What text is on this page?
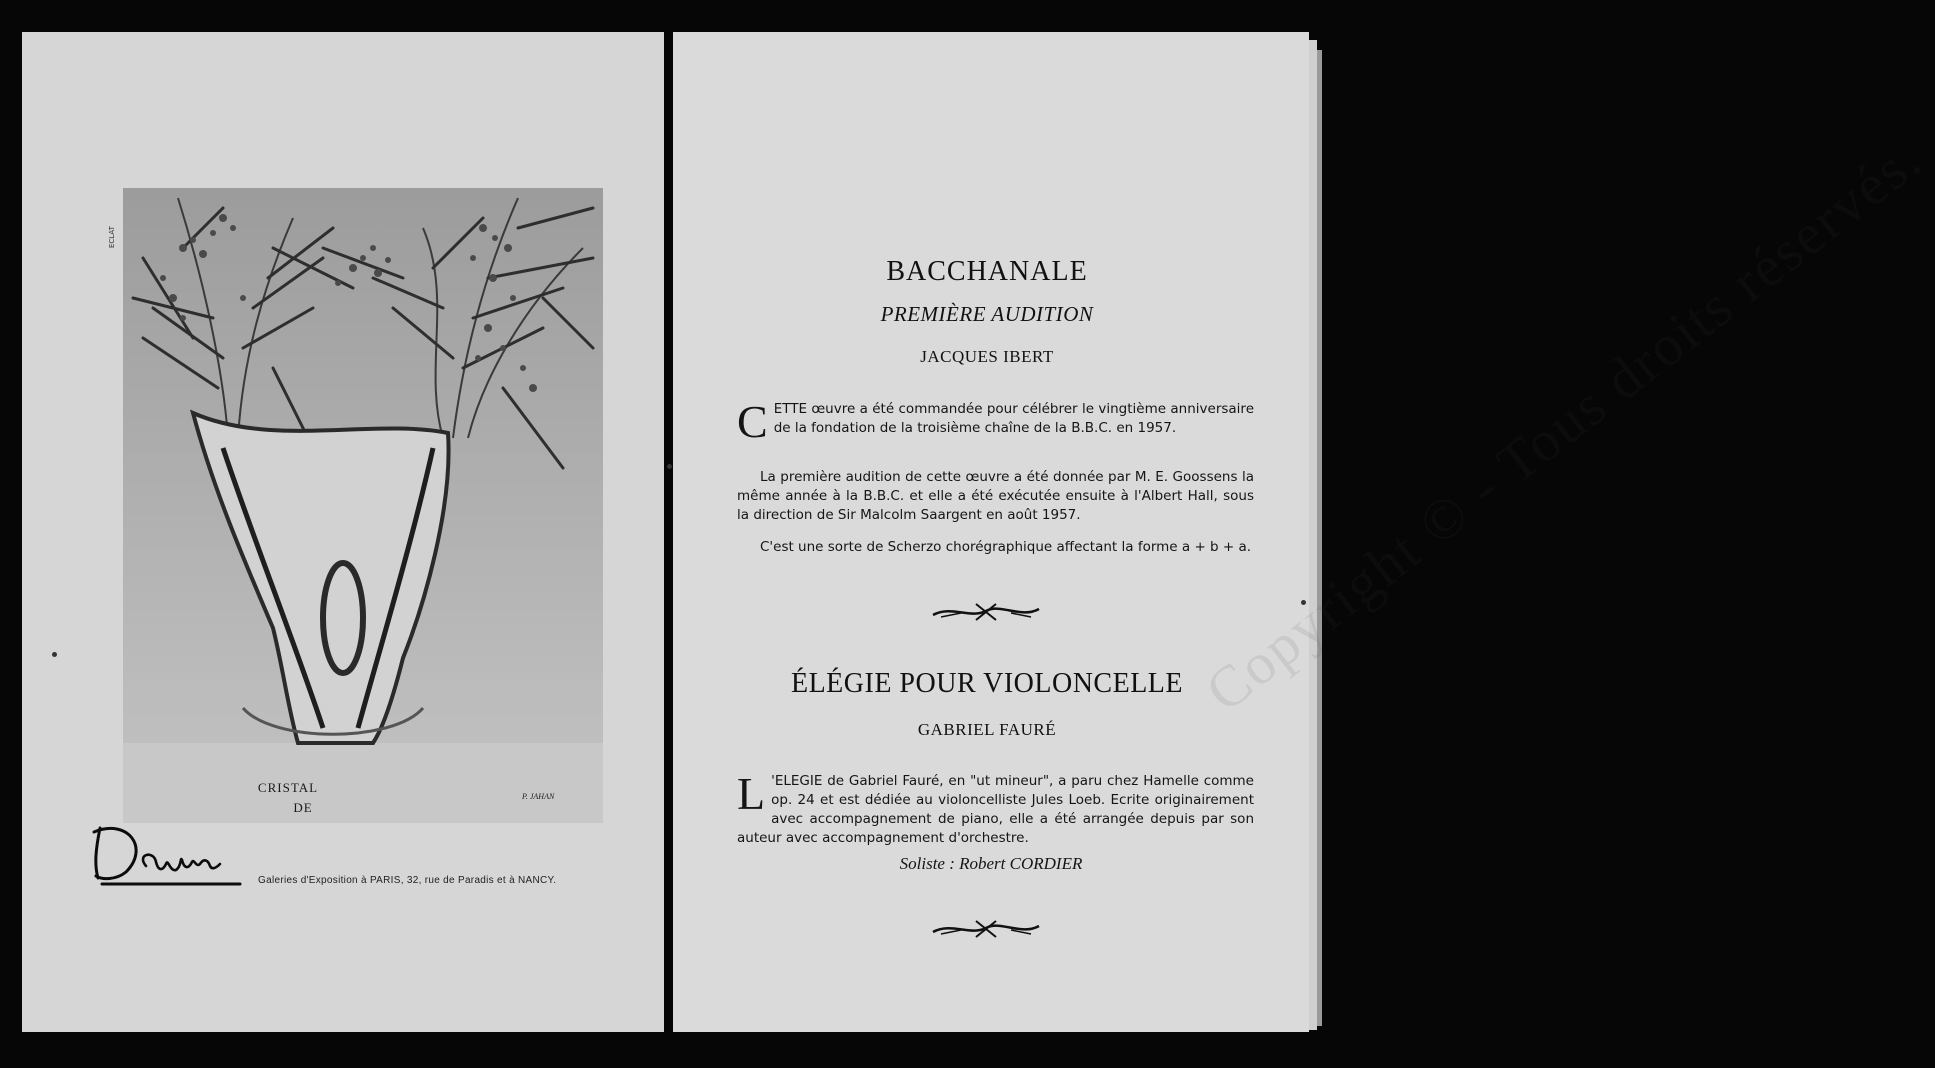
ECLAT
CRISTAL
DE
P. JAHAN
Galeries d'Exposition à PARIS, 32, rue de Paradis et à NANCY.
Copyright © - Tous droits réservés.
BACCHANALE
PREMIÈRE AUDITION
JACQUES IBERT

CETTE œuvre a été commandée pour célébrer le vingtième anniversaire de la fondation de la troisième chaîne de la B.B.C. en 1957.

La première audition de cette œuvre a été donnée par M. E. Goossens la même année à la B.B.C. et elle a été exécutée ensuite à l'Albert Hall, sous la direction de Sir Malcolm Saargent en août 1957.

C'est une sorte de Scherzo chorégraphique affectant la forme a + b + a.

ÉLÉGIE POUR VIOLONCELLE
GABRIEL FAURÉ

L 'ELEGIE de Gabriel Fauré, en "ut mineur", a paru chez Hamelle comme op. 24 et est dédiée au violoncelliste Jules Loeb. Ecrite originairement avec accompagnement de piano, elle a été arrangée depuis par son auteur avec accompagnement d'orchestre.

Soliste : Robert CORDIER
